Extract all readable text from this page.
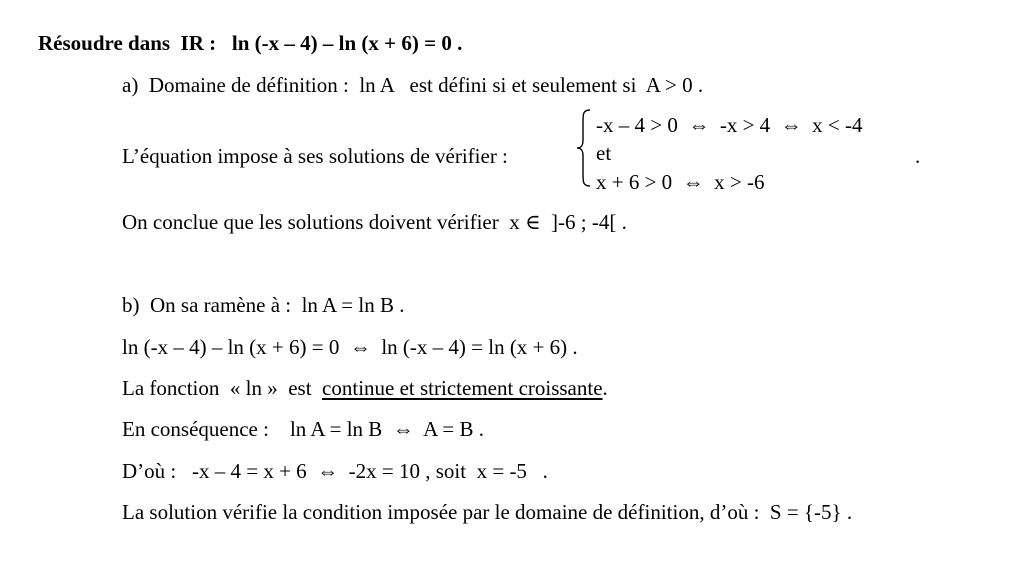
Résoudre dans  IR :   ln (-x – 4) – ln (x + 6) = 0 .
a)  Domaine de définition :  ln A   est défini si et seulement si  A > 0 .
L’équation impose à ses solutions de vérifier :
-x – 4 > 0  ⇔  -x > 4  ⇔  x < -4
et
x + 6 > 0  ⇔  x > -6
.
On conclue que les solutions doivent vérifier  x ∈  ]-6 ; -4[ .
b)  On sa ramène à :  ln A = ln B .
ln (-x – 4) – ln (x + 6) = 0  ⇔  ln (-x – 4) = ln (x + 6) .
La fonction  « ln »  est  continue et strictement croissante.
En conséquence :    ln A = ln B  ⇔  A = B .
D’où :   -x – 4 = x + 6  ⇔  -2x = 10 , soit  x = -5   .
La solution vérifie la condition imposée par le domaine de définition, d’où :  S = {-5} .
